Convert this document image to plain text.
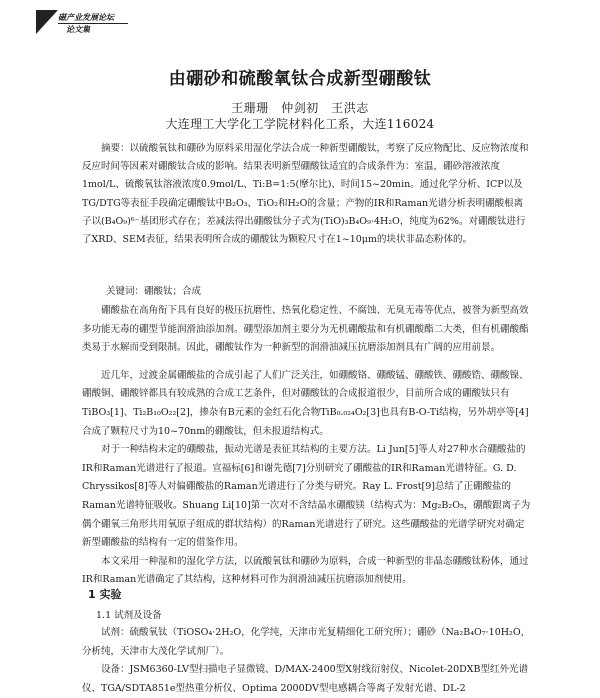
磁产业发展论坛
论文集
由硼砂和硫酸氧钛合成新型硼酸钛
王珊珊　仲剑初　王洪志
大连理工大学化工学院材料化工系，大连116024

摘要：以硫酸氧钛和硼砂为原料采用湿化学法合成一种新型硼酸钛，考察了反应物配比、反应物浓度和反应时间等因素对硼酸钛合成的影响。结果表明新型硼酸钛适宜的合成条件为：室温，硼砂溶液浓度1mol/L、硫酸氧钛溶液浓度0.9mol/L、Ti:B=1:5(摩尔比)、时间15~20min。通过化学分析、ICP以及TG/DTG等表征手段确定硼酸钛中B₂O₃、TiO₂和H₂O的含量；产物的IR和Raman光谱分析表明硼酸根离子以(B₄O₉)⁶⁻基团形式存在；差减法得出硼酸钛分子式为(TiO)₃B₄O₉·4H₂O，纯度为62%。对硼酸钛进行了XRD、SEM表征，结果表明所合成的硼酸钛为颗粒尺寸在1~10μm的块状非晶态粉体的。

关键词：硼酸钛；合成

硼酸盐在高角衔下具有良好的极压抗磨性、热氧化稳定性、不腐蚀、无臭无毒等优点，被誉为新型高效多功能无毒的硼型节能润滑油添加剂。硼型添加剂主要分为无机硼酸盐和有机硼酸酯二大类，但有机硼酸酯类易于水解而受到限制。因此，硼酸钛作为一种新型的润滑油减压抗磨添加剂具有广阔的应用前景。

近几年，过渡金属硼酸盐的合成引起了人们广泛关注，如硼酸铬、硼酸锰、硼酸铁、硼酸锆、硼酸镍、硼酸铜、硼酸锌都具有较成熟的合成工艺条件，但对硼酸钛的合成报道很少，目前所合成的硼酸钛只有TiBO₃[1]、Ti₂B₁₀O₂₂[2]，掺杂有B元素的金红石化合物TiB₀.₀₂₄O₂[3]也具有B-O-Ti结构，另外胡亭等[4]合成了颗粒尺寸为10~70nm的硼酸钛，但未报道结构式。

对于一种结构未定的硼酸盐，振动光谱是表征其结构的主要方法。Li Jun[5]等人对27种水合硼酸盐的IR和Raman光谱进行了报道。宣福标[6]和谢先德[7]分别研究了硼酸盐的IR和Raman光谱特征。G. D. Chryssikos[8]等人对偏硼酸盐的Raman光谱进行了分类与研究。Ray L. Frost[9]总结了正硼酸盐的Raman光谱特征吸收。Shuang Li[10]第一次对不含结晶水硼酸镁（结构式为：Mg₂B₂O₅，硼酸跟离子为偶个硼氧三角形共用氧原子组成的群状结构）的Raman光谱进行了研究。这些硼酸盐的光谱学研究对确定新型硼酸盐的结构有一定的借鉴作用。

本文采用一种湿和的湿化学方法，以硫酸氧钛和硼砂为原料，合成一种新型的非晶态硼酸钛粉体，通过IR和Raman光谱确定了其结构，这种材料可作为润滑油减压抗磨添加剂使用。

1 实验
1.1 试剂及设备

试剂：硫酸氧钛（TiOSO₄·2H₂O，化学纯，天津市光复精细化工研究所）；硼砂（Na₂B₄O₇·10H₂O，分析纯，天津市大茂化学试剂厂）。

设备：JSM6360-LV型扫描电子显微镜、D/MAX-2400型X射线衍射仪、Nicolet-20DXB型红外光谱仪、TGA/SDTA851e型热重分析仪、Optima 2000DV型电感耦合等离子发射光谱、DL-2
